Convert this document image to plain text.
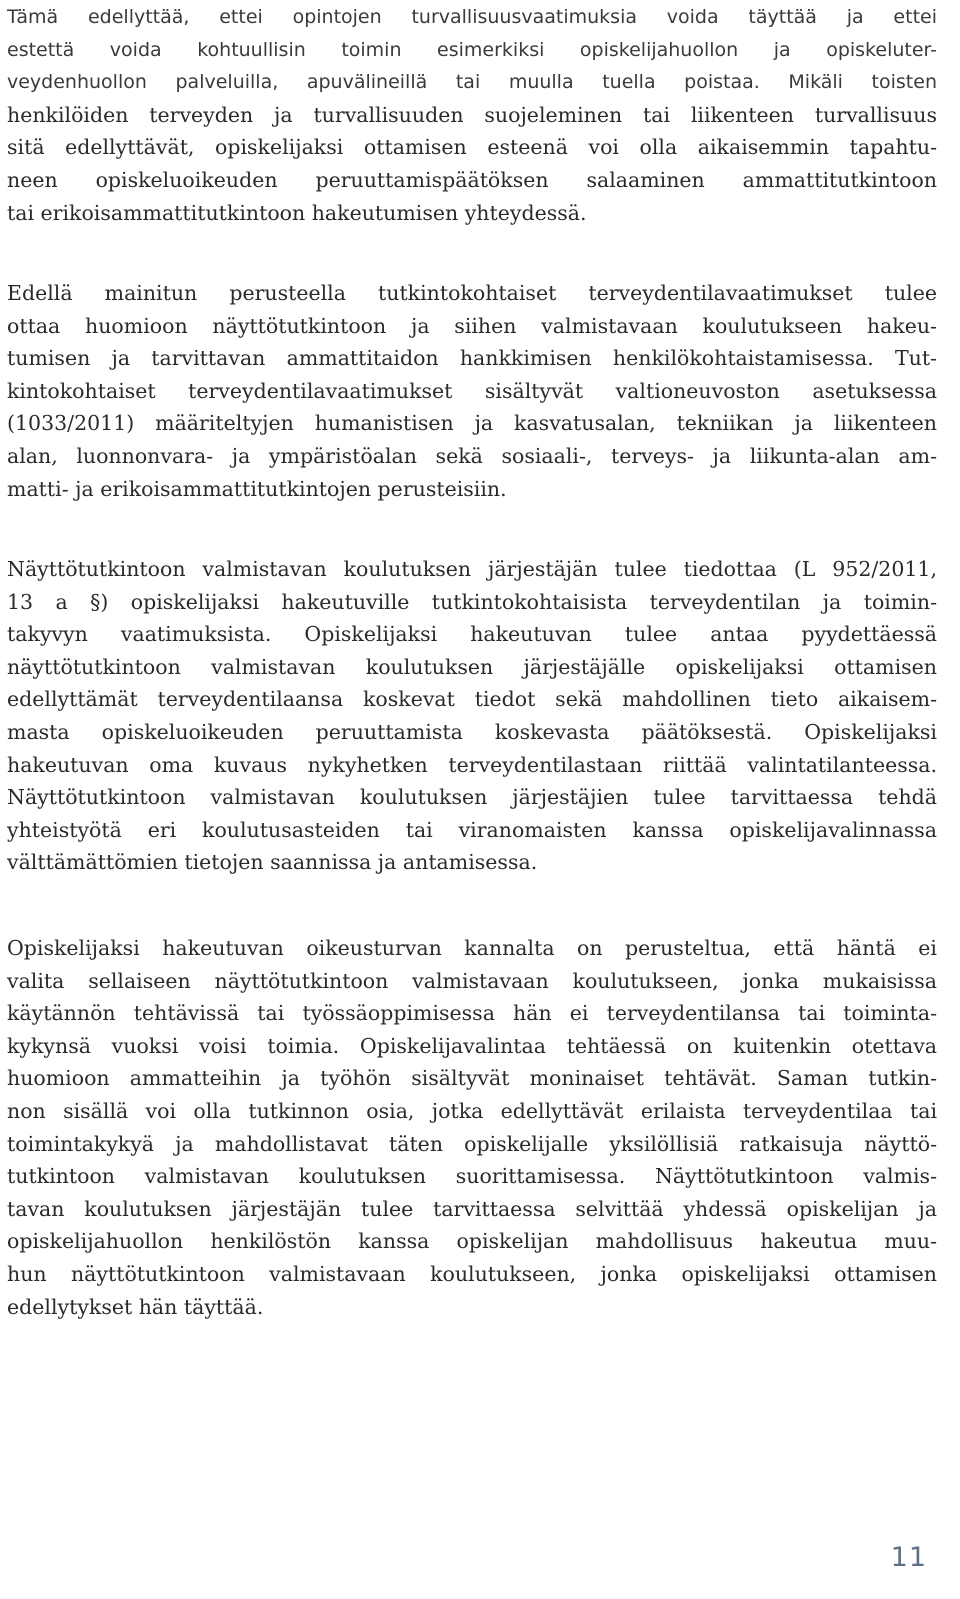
Tämä edellyttää, ettei opintojen turvallisuusvaatimuksia voida täyttää ja ettei
estettä voida kohtuullisin toimin esimerkiksi opiskelijahuollon ja opiskeluter-
veydenhuollon palveluilla, apuvälineillä tai muulla tuella poistaa. Mikäli toisten
henkilöiden terveyden ja turvallisuuden suojeleminen tai liikenteen turvallisuus
sitä edellyttävät, opiskelijaksi ottamisen esteenä voi olla aikaisemmin tapahtu-
neen opiskeluoikeuden peruuttamispäätöksen salaaminen ammattitutkintoon
tai erikoisammattitutkintoon hakeutumisen yhteydessä.
Edellä mainitun perusteella tutkintokohtaiset terveydentilavaatimukset tulee
ottaa huomioon näyttötutkintoon ja siihen valmistavaan koulutukseen hakeu-
tumisen ja tarvittavan ammattitaidon hankkimisen henkilökohtaistamisessa. Tut-
kintokohtaiset terveydentilavaatimukset sisältyvät valtioneuvoston asetuksessa
(1033/2011) määriteltyjen humanistisen ja kasvatusalan, tekniikan ja liikenteen
alan, luonnonvara- ja ympäristöalan sekä sosiaali-, terveys- ja liikunta-alan am-
matti- ja erikoisammattitutkintojen perusteisiin.
Näyttötutkintoon valmistavan koulutuksen järjestäjän tulee tiedottaa (L 952/2011,
13 a §) opiskelijaksi hakeutuville tutkintokohtaisista terveydentilan ja toimin-
takyvyn vaatimuksista. Opiskelijaksi hakeutuvan tulee antaa pyydettäessä
näyttötutkintoon valmistavan koulutuksen järjestäjälle opiskelijaksi ottamisen
edellyttämät terveydentilaansa koskevat tiedot sekä mahdollinen tieto aikaisem-
masta opiskeluoikeuden peruuttamista koskevasta päätöksestä. Opiskelijaksi
hakeutuvan oma kuvaus nykyhetken terveydentilastaan riittää valintatilanteessa.
Näyttötutkintoon valmistavan koulutuksen järjestäjien tulee tarvittaessa tehdä
yhteistyötä eri koulutusasteiden tai viranomaisten kanssa opiskelijavalinnassa
välttämättömien tietojen saannissa ja antamisessa.
Opiskelijaksi hakeutuvan oikeusturvan kannalta on perusteltua, että häntä ei
valita sellaiseen näyttötutkintoon valmistavaan koulutukseen, jonka mukaisissa
käytännön tehtävissä tai työssäoppimisessa hän ei terveydentilansa tai toiminta-
kykynsä vuoksi voisi toimia. Opiskelijavalintaa tehtäessä on kuitenkin otettava
huomioon ammatteihin ja työhön sisältyvät moninaiset tehtävät. Saman tutkin-
non sisällä voi olla tutkinnon osia, jotka edellyttävät erilaista terveydentilaa tai
toimintakykyä ja mahdollistavat täten opiskelijalle yksilöllisiä ratkaisuja näyttö-
tutkintoon valmistavan koulutuksen suorittamisessa. Näyttötutkintoon valmis-
tavan koulutuksen järjestäjän tulee tarvittaessa selvittää yhdessä opiskelijan ja
opiskelijahuollon henkilöstön kanssa opiskelijan mahdollisuus hakeutua muu-
hun näyttötutkintoon valmistavaan koulutukseen, jonka opiskelijaksi ottamisen
edellytykset hän täyttää.
11
